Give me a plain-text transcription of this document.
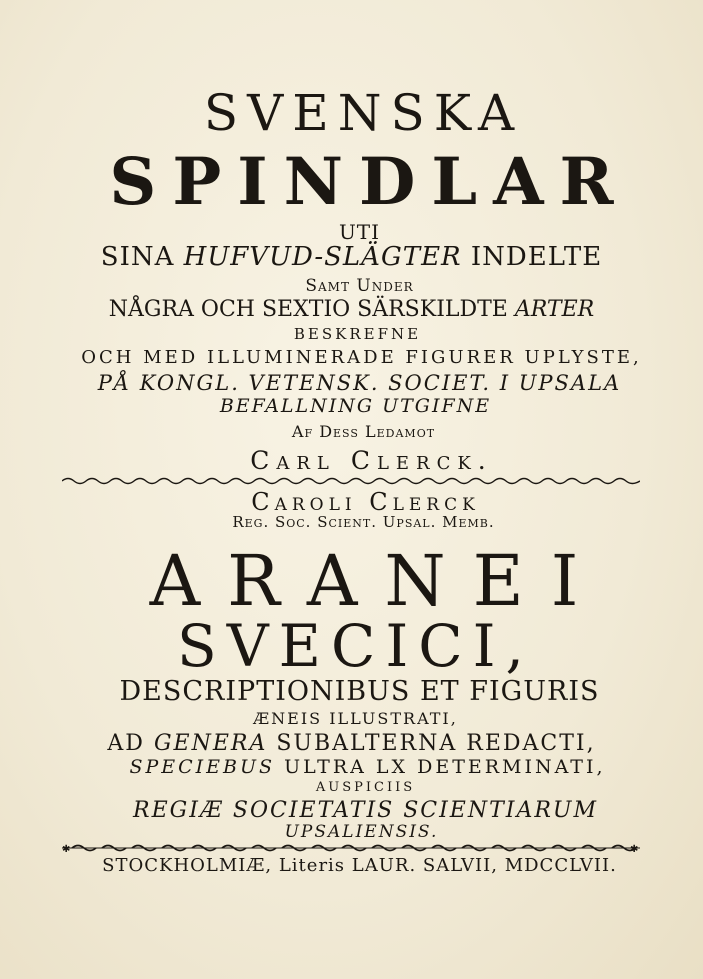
SVENSKA
SPINDLAR
UTI
SINA HUFVUD-SLÄGTER INDELTE
Samt Under
NÅGRA OCH SEXTIO SÄRSKILDTE ARTER
BESKREFNE
OCH MED ILLUMINERADE FIGURER UPLYSTE,
PÅ KONGL. VETENSK. SOCIET. I UPSALA
BEFALLNING UTGIFNE
Af Dess Ledamot
Carl Clerck.
Caroli Clerck
Reg. Soc. Scient. Upsal. Memb.
ARANEI
SVECICI,
DESCRIPTIONIBUS ET FIGURIS
ÆNEIS ILLUSTRATI,
AD GENERA SUBALTERNA REDACTI,
SPECIEBUS ULTRA LX DETERMINATI,
AUSPICIIS
REGIÆ SOCIETATIS SCIENTIARUM
UPSALIENSIS.
✱	✱
STOCKHOLMIÆ, Literis LAUR. SALVII, MDCCLVII.
